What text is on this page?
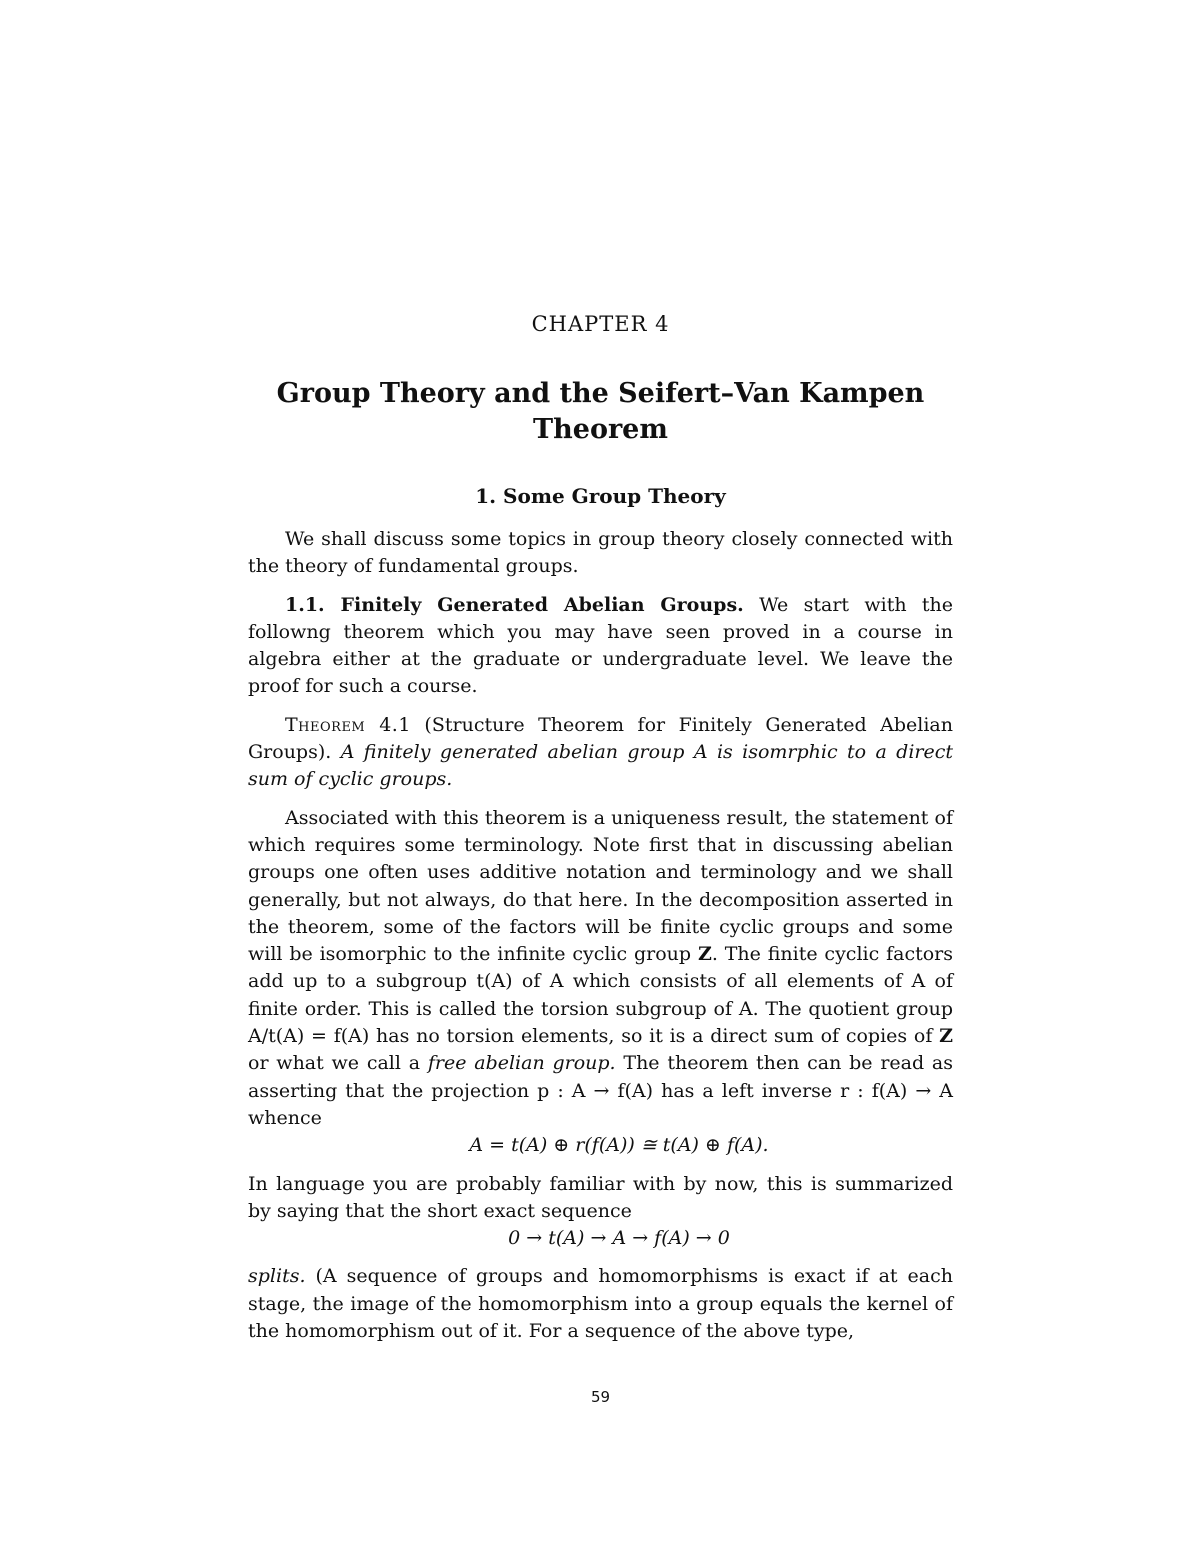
CHAPTER 4
Group Theory and the Seifert–Van Kampen
Theorem
1. Some Group Theory

We shall discuss some topics in group theory closely connected with the theory of fundamental groups.

1.1. Finitely Generated Abelian Groups. We start with the followng theorem which you may have seen proved in a course in algebra either at the graduate or undergraduate level. We leave the proof for such a course.

Theorem 4.1 (Structure Theorem for Finitely Generated Abelian Groups). A finitely generated abelian group A is isomrphic to a direct sum of cyclic groups.

Associated with this theorem is a uniqueness result, the statement of which requires some terminology. Note first that in discussing abelian groups one often uses additive notation and terminology and we shall generally, but not always, do that here. In the decomposition asserted in the theorem, some of the factors will be finite cyclic groups and some will be isomorphic to the infinite cyclic group Z. The finite cyclic factors add up to a subgroup t(A) of A which consists of all elements of A of finite order. This is called the torsion subgroup of A. The quotient group A/t(A) = f(A) has no torsion elements, so it is a direct sum of copies of Z or what we call a free abelian group. The theorem then can be read as asserting that the projection p : A → f(A) has a left inverse r : f(A) → A whence

A = t(A) ⊕ r(f(A)) ≅ t(A) ⊕ f(A).

In language you are probably familiar with by now, this is summarized by saying that the short exact sequence

0 → t(A) → A → f(A) → 0

splits. (A sequence of groups and homomorphisms is exact if at each stage, the image of the homomorphism into a group equals the kernel of the homomorphism out of it. For a sequence of the above type,

59
